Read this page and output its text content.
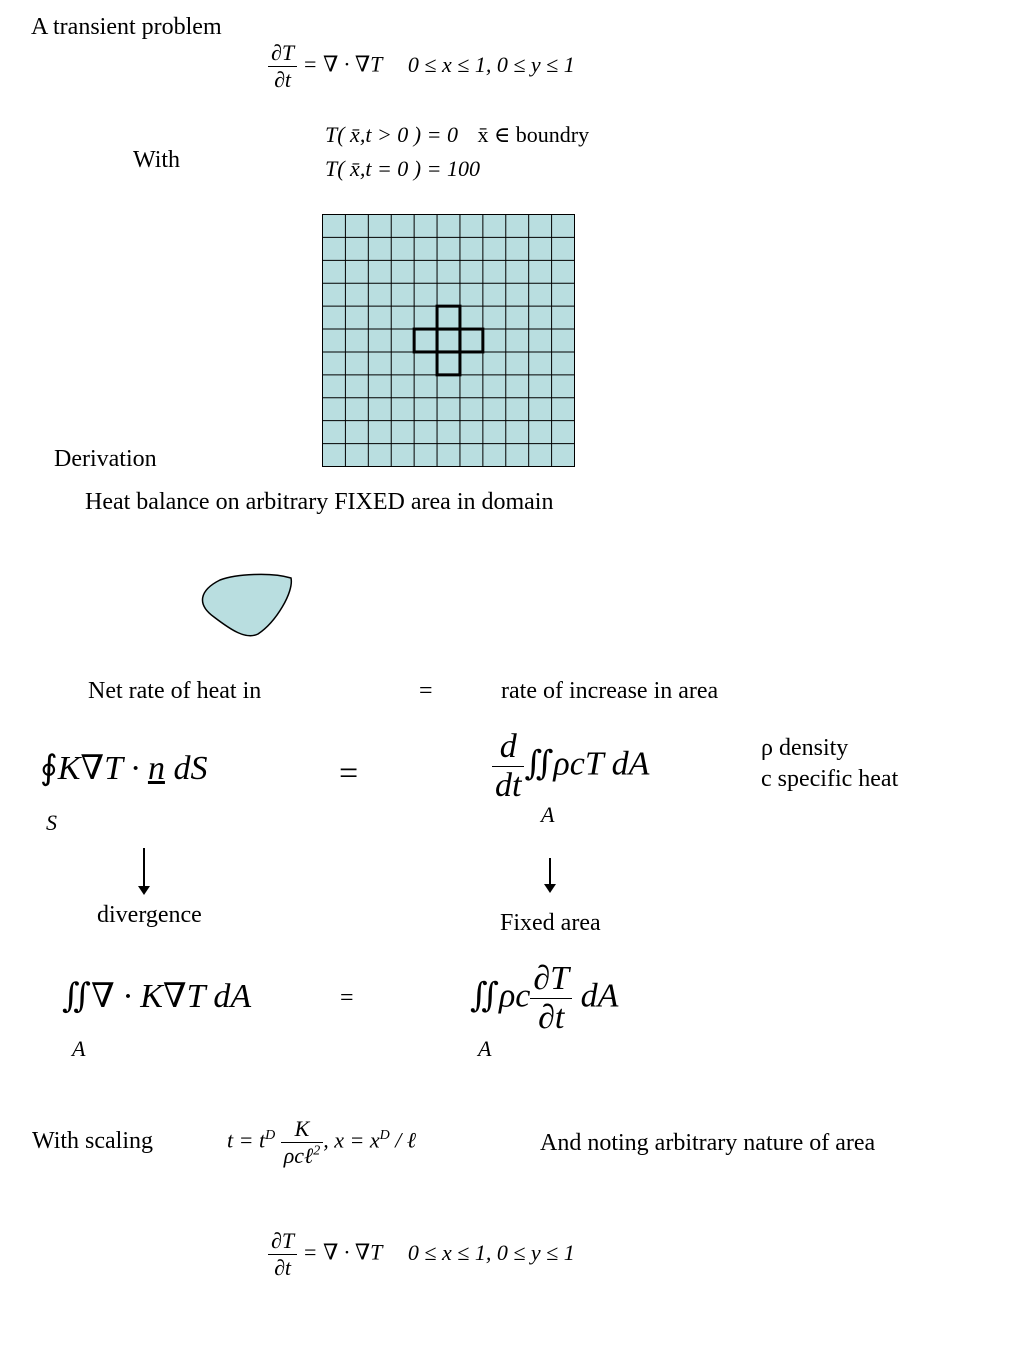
A transient problem
$\frac{\partial T}{\partial t}$ = ∇ · ∇T 0 ≤ x ≤ 1, 0 ≤ y ≤ 1
With
T( x̄,t > 0 ) = 0 x̄ ∈ boundry
T( x̄,t = 0 ) = 100
Derivation
Heat balance on arbitrary FIXED area in domain
Net rate of heat in	=	rate of increase in area
∮K∇T · n dS
S
=	$\frac{d}{dt}$ ∬ρcT dA
A
ρ density
c specific heat
divergence	Fixed area
∬∇ · K∇T dA
A
=	∬ρc $\frac{\partial T}{\partial t}$ dA
A
With scaling	$t = t^D \frac{K}{\rho c\ell^2}$ , $x = x^D$ / ℓ	And noting arbitrary nature of area
$\frac{\partial T}{\partial t}$ = ∇ · ∇T 0 ≤ x ≤ 1, 0 ≤ y ≤ 1
